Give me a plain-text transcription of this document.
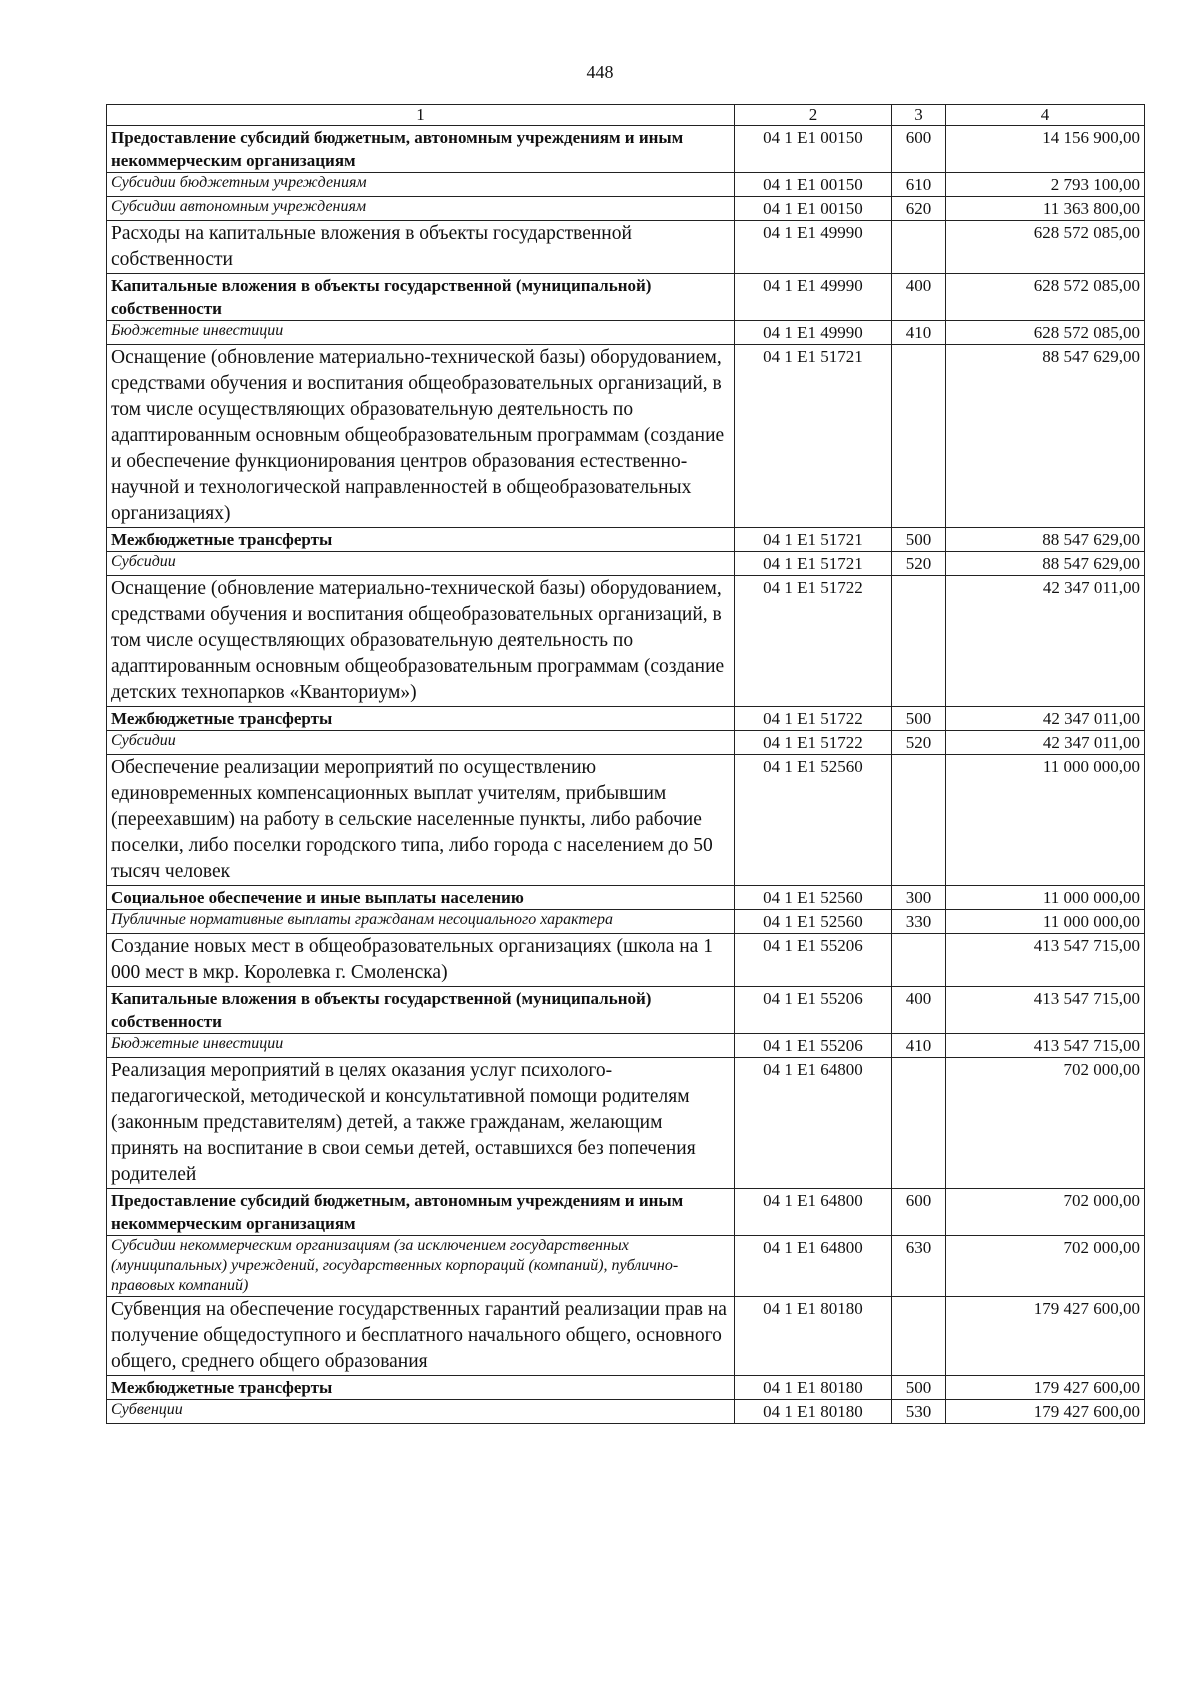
448
1	2	3	4
Предоставление субсидий бюджетным, автономным учреждениям и иным некоммерческим организациям	04 1 E1 00150	600	14 156 900,00
Субсидии бюджетным учреждениям	04 1 E1 00150	610	2 793 100,00
Субсидии автономным учреждениям	04 1 E1 00150	620	11 363 800,00
Расходы на капитальные вложения в объекты государственной собственности	04 1 E1 49990		628 572 085,00
Капитальные вложения в объекты государственной (муниципальной) собственности	04 1 E1 49990	400	628 572 085,00
Бюджетные инвестиции	04 1 E1 49990	410	628 572 085,00
Оснащение (обновление материально-технической базы) оборудованием, средствами обучения и воспитания общеобразовательных организаций, в том числе осуществляющих образовательную деятельность по адаптированным основным общеобразовательным программам (создание и обеспечение функционирования центров образования естественно-научной и технологической направленностей в общеобразовательных организациях)	04 1 E1 51721		88 547 629,00
Межбюджетные трансферты	04 1 E1 51721	500	88 547 629,00
Субсидии	04 1 E1 51721	520	88 547 629,00
Оснащение (обновление материально-технической базы) оборудованием, средствами обучения и воспитания общеобразовательных организаций, в том числе осуществляющих образовательную деятельность по адаптированным основным общеобразовательным программам (создание детских технопарков «Кванториум»)	04 1 E1 51722		42 347 011,00
Межбюджетные трансферты	04 1 E1 51722	500	42 347 011,00
Субсидии	04 1 E1 51722	520	42 347 011,00
Обеспечение реализации мероприятий по осуществлению единовременных компенсационных выплат учителям, прибывшим (переехавшим) на работу в сельские населенные пункты, либо рабочие поселки, либо поселки городского типа, либо города с населением до 50 тысяч человек	04 1 E1 52560		11 000 000,00
Социальное обеспечение и иные выплаты населению	04 1 E1 52560	300	11 000 000,00
Публичные нормативные выплаты гражданам несоциального характера	04 1 E1 52560	330	11 000 000,00
Создание новых мест в общеобразовательных организациях (школа на 1 000 мест в мкр. Королевка г. Смоленска)	04 1 E1 55206		413 547 715,00
Капитальные вложения в объекты государственной (муниципальной) собственности	04 1 E1 55206	400	413 547 715,00
Бюджетные инвестиции	04 1 E1 55206	410	413 547 715,00
Реализация мероприятий в целях оказания услуг психолого-педагогической, методической и консультативной помощи родителям (законным представителям) детей, а также гражданам, желающим принять на воспитание в свои семьи детей, оставшихся без попечения родителей	04 1 E1 64800		702 000,00
Предоставление субсидий бюджетным, автономным учреждениям и иным некоммерческим организациям	04 1 E1 64800	600	702 000,00
Субсидии некоммерческим организациям (за исключением государственных (муниципальных) учреждений, государственных корпораций (компаний), публично-правовых компаний)	04 1 E1 64800	630	702 000,00
Субвенция на обеспечение государственных гарантий реализации прав на получение общедоступного и бесплатного начального общего, основного общего, среднего общего образования	04 1 E1 80180		179 427 600,00
Межбюджетные трансферты	04 1 E1 80180	500	179 427 600,00
Субвенции	04 1 E1 80180	530	179 427 600,00
